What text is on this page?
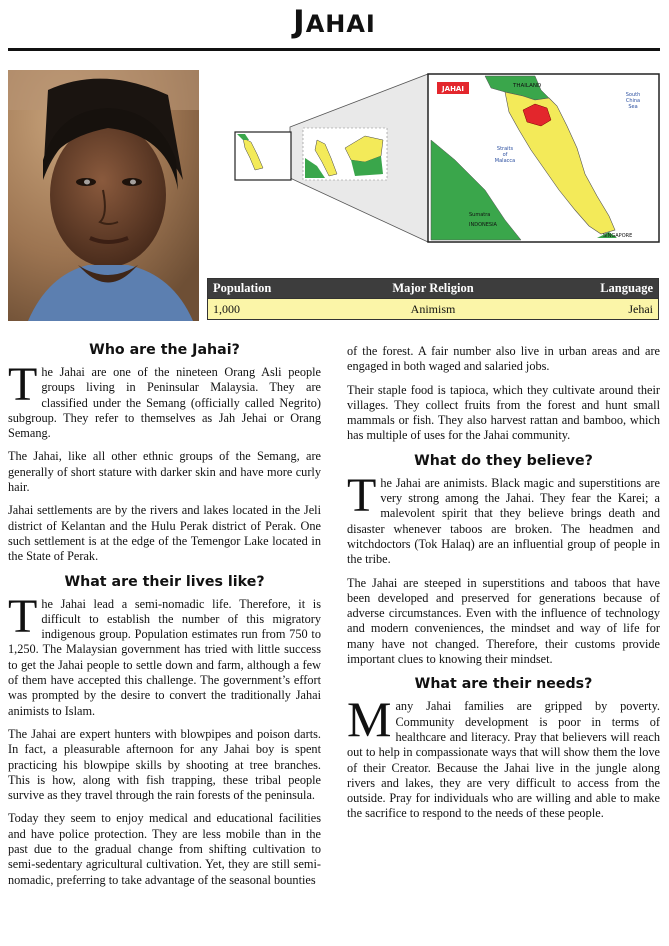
JAHAI
JAHAI	THAILAND
South China Sea
Straits of Malacca
Sumatra
INDONESIA
SINGAPORE
Population	Major Religion	Language
1,000	Animism	Jehai
Who are the Jahai?

The Jahai are one of the nineteen Orang Asli people groups living in Peninsular Malaysia. They are classified under the Semang (officially called Negrito) subgroup. They refer to themselves as Jah Jehai or Orang Semang.

The Jahai, like all other ethnic groups of the Semang, are generally of short stature with darker skin and have more curly hair.

Jahai settlements are by the rivers and lakes located in the Jeli district of Kelantan and the Hulu Perak district of Perak. One such settlement is at the edge of the Temengor Lake located in the State of Perak.

What are their lives like?

The Jahai lead a semi-nomadic life. Therefore, it is difficult to establish the number of this migratory indigenous group. Population estimates run from 750 to 1,250. The Malaysian government has tried with little success to get the Jahai people to settle down and farm, although a few of them have accepted this challenge. The government’s effort was prompted by the desire to convert the traditionally Jahai animists to Islam.

The Jahai are expert hunters with blowpipes and poison darts. In fact, a pleasurable afternoon for any Jahai boy is spent practicing his blowpipe skills by shooting at tree branches. This is how, along with fish trapping, these tribal people survive as they travel through the rain forests of the peninsula.

Today they seem to enjoy medical and educational facilities and have police protection. They are less mobile than in the past due to the gradual change from shifting cultivation to semi-sedentary agricultural cultivation. Yet, they are still semi-nomadic, preferring to take advantage of the seasonal bounties

of the forest. A fair number also live in urban areas and are engaged in both waged and salaried jobs.

Their staple food is tapioca, which they cultivate around their villages. They collect fruits from the forest and hunt small mammals or fish. They also harvest rattan and bamboo, which has multiple of uses for the Jahai community.

What do they believe?

The Jahai are animists. Black magic and superstitions are very strong among the Jahai. They fear the Karei; a malevolent spirit that they believe brings death and disaster whenever taboos are broken. The headmen and witchdoctors (Tok Halaq) are an influential group of people in the tribe.

The Jahai are steeped in superstitions and taboos that have been developed and preserved for generations because of adverse circumstances. Even with the influence of technology and modern conveniences, the mindset and way of life for many have not changed. Therefore, their customs provide important clues to knowing their mindset.

What are their needs?

Many Jahai families are gripped by poverty. Community development is poor in terms of healthcare and literacy. Pray that believers will reach out to help in compassionate ways that will show them the love of their Creator. Because the Jahai live in the jungle along rivers and lakes, they are very difficult to access from the outside. Pray for individuals who are willing and able to make the sacrifice to respond to the needs of these people.
